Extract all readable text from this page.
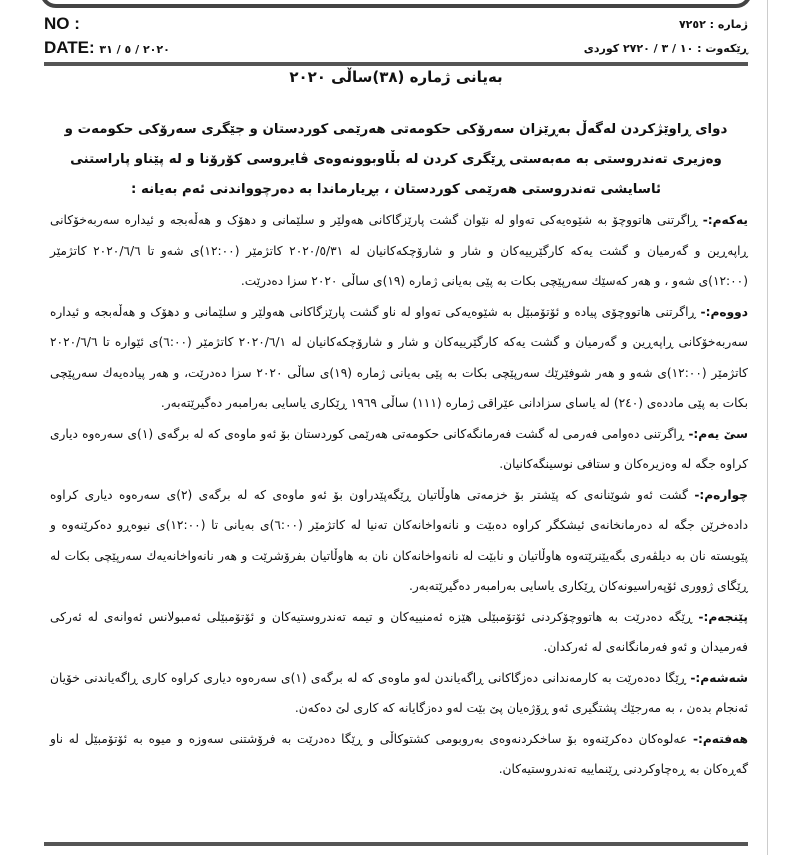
NO :
DATE: ٢٠٢٠ / ٥ / ٣١
ژمارە : ٧٢٥٢
ڕێکەوت : ١٠ / ٣ / ٢٧٢٠ کوردی
بەیانی ژمارە (٣٨)ساڵی ٢٠٢٠
دوای ڕاوێژکردن لەگەڵ بەڕێزان سەرۆکی حکومەتی هەرێمی کوردستان و جێگری سەرۆکی حکومەت و وەزیری تەندروستی بە مەبەستی ڕێگری کردن لە بڵاوبوونەوەی ڤایروسی کۆرۆنا و لە پێناو پاراستنی ئاسایشی تەندروستی هەرێمی کوردستان ، بڕیارماندا بە دەرچوواندنی ئەم بەیانە :

یەکەم:- ڕاگرتنی هاتووچۆ بە شێوەیەکی تەواو لە نێوان گشت پارێزگاکانی هەولێر و سلێمانی و دهۆک و هەڵەبجە و ئیدارە سەربەخۆکانی ڕاپەڕین و گەرمیان و گشت یەکە کارگێرییەکان و شار و شارۆچکەکانیان لە ٢٠٢٠/٥/٣١ کاتژمێر (١٢:٠٠)ی شەو تا ٢٠٢٠/٦/٦ کاتژمێر (١٢:٠٠)ی شەو ، و هەر کەسێك سەرپێچی بکات بە پێی بەیانی ژمارە (١٩)ی ساڵی ٢٠٢٠ سزا دەدرێت.

دووەم:- ڕاگرتنی هاتووچۆی پیادە و ئۆتۆمبێل بە شێوەیەکی تەواو لە ناو گشت پارێزگاکانی هەولێر و سلێمانی و دهۆک و هەڵەبجە و ئیدارە سەربەخۆکانی ڕاپەڕین و گەرمیان و گشت یەکە کارگێرییەکان و شار و شارۆچکەکانیان لە ٢٠٢٠/٦/١ کاتژمێر (٦:٠٠)ی ئێوارە تا ٢٠٢٠/٦/٦ کاتژمێر (١٢:٠٠)ی شەو و هەر شوفێرێك سەرپێچی بکات بە پێی بەیانی ژمارە (١٩)ی ساڵی ٢٠٢٠ سزا دەدرێت، و هەر پیادەیەك سەرپێچی بکات بە پێی ماددەی (٢٤٠) لە یاسای سزادانی عێراقی ژمارە (١١١) ساڵی ١٩٦٩ ڕێکاری یاسایی بەرامبەر دەگیرێتەبەر.

سێ یەم:- ڕاگرتنی دەوامی فەرمی لە گشت فەرمانگەکانی حکومەتی هەرێمی کوردستان بۆ ئەو ماوەی کە لە برگەی (١)ی سەرەوە دیاری کراوە جگە لە وەزیرەکان و ستافی نوسینگەکانیان.

چوارەم:- گشت ئەو شوێنانەی کە پێشتر بۆ خزمەتی هاوڵاتیان ڕێگەپێدراون بۆ ئەو ماوەی کە لە برگەی (٢)ی سەرەوە دیاری کراوە دادەخرێن جگە لە دەرمانخانەی ئیشکگر کراوە دەبێت و نانەواخانەکان تەنیا لە کاتژمێر (٦:٠٠)ی بەیانی تا (١٢:٠٠)ی نیوەڕو دەکرێنەوە و پێویستە نان بە دیلڤەری بگەیێنرێتەوە هاوڵاتیان و نابێت لە نانەواخانەکان نان بە هاوڵاتیان بفرۆشرێت و هەر نانەواخانەیەك سەرپێچی بکات لە ڕێگای ژووری ئۆپەراسیونەکان ڕێکاری یاسایی بەرامبەر دەگیرێتەبەر.

پێنجەم:- ڕێگە دەدرێت بە هاتووچۆکردنی ئۆتۆمبێلی هێزە ئەمنییەکان و تیمە تەندروستیەکان و ئۆتۆمبێلی ئەمبولانس ئەوانەی لە ئەرکی فەرمیدان و ئەو فەرمانگانەی لە ئەرکدان.

شەشەم:- ڕێگا دەدەرێت بە کارمەندانی دەزگاکانی ڕاگەیاندن لەو ماوەی کە لە برگەی (١)ی سەرەوە دیاری کراوە کاری ڕاگەیاندنی خۆیان ئەنجام بدەن ، بە مەرجێك پشتگیری ئەو ڕۆژەیان پێ بێت لەو دەزگایانە کە کاری لێ دەکەن.

هەفتەم:- عەلوەکان دەکرێنەوە بۆ ساخکردنەوەی بەروبومی کشتوکاڵی و ڕێگا دەدرێت بە فرۆشتنی سەوزە و میوە بە ئۆتۆمبێل لە ناو گەڕەکان بە ڕەچاوکردنی ڕێنماییە تەندروستیەکان.
